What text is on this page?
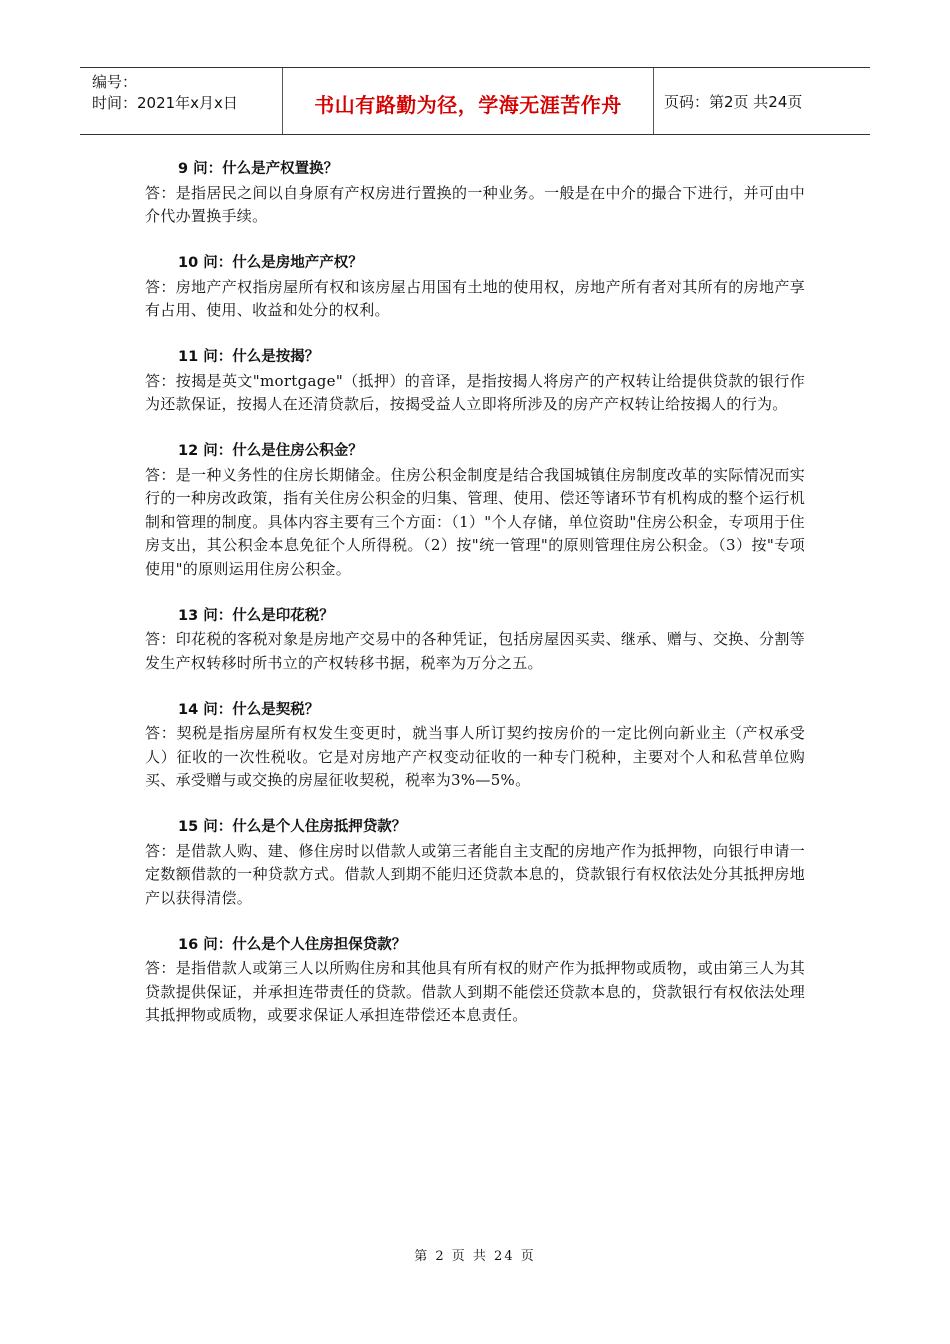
编号：
时间：2021年x月x日	书山有路勤为径，学海无涯苦作舟	页码：第2页 共24页
9 问：什么是产权置换？
答：是指居民之间以自身原有产权房进行置换的一种业务。一般是在中介的撮合下进行，并可由中介代办置换手续。
10 问：什么是房地产产权？
答：房地产产权指房屋所有权和该房屋占用国有土地的使用权，房地产所有者对其所有的房地产享有占用、使用、收益和处分的权利。
11 问：什么是按揭？
答：按揭是英文"mortgage"（抵押）的音译，是指按揭人将房产的产权转让给提供贷款的银行作为还款保证，按揭人在还清贷款后，按揭受益人立即将所涉及的房产产权转让给按揭人的行为。
12 问：什么是住房公积金？
答：是一种义务性的住房长期储金。住房公积金制度是结合我国城镇住房制度改革的实际情况而实行的一种房改政策，指有关住房公积金的归集、管理、使用、偿还等诸环节有机构成的整个运行机制和管理的制度。具体内容主要有三个方面：（1）"个人存储，单位资助"住房公积金，专项用于住房支出，其公积金本息免征个人所得税。（2）按"统一管理"的原则管理住房公积金。（3）按"专项使用"的原则运用住房公积金。
13 问：什么是印花税？
答：印花税的客税对象是房地产交易中的各种凭证，包括房屋因买卖、继承、赠与、交换、分割等发生产权转移时所书立的产权转移书据，税率为万分之五。
14 问：什么是契税？
答：契税是指房屋所有权发生变更时，就当事人所订契约按房价的一定比例向新业主（产权承受人）征收的一次性税收。它是对房地产产权变动征收的一种专门税种，主要对个人和私营单位购买、承受赠与或交换的房屋征收契税，税率为3%—5%。
15 问：什么是个人住房抵押贷款？
答：是借款人购、建、修住房时以借款人或第三者能自主支配的房地产作为抵押物，向银行申请一定数额借款的一种贷款方式。借款人到期不能归还贷款本息的，贷款银行有权依法处分其抵押房地产以获得清偿。
16 问：什么是个人住房担保贷款？
答：是指借款人或第三人以所购住房和其他具有所有权的财产作为抵押物或质物，或由第三人为其贷款提供保证，并承担连带责任的贷款。借款人到期不能偿还贷款本息的，贷款银行有权依法处理其抵押物或质物，或要求保证人承担连带偿还本息责任。
第 2 页 共 24 页
